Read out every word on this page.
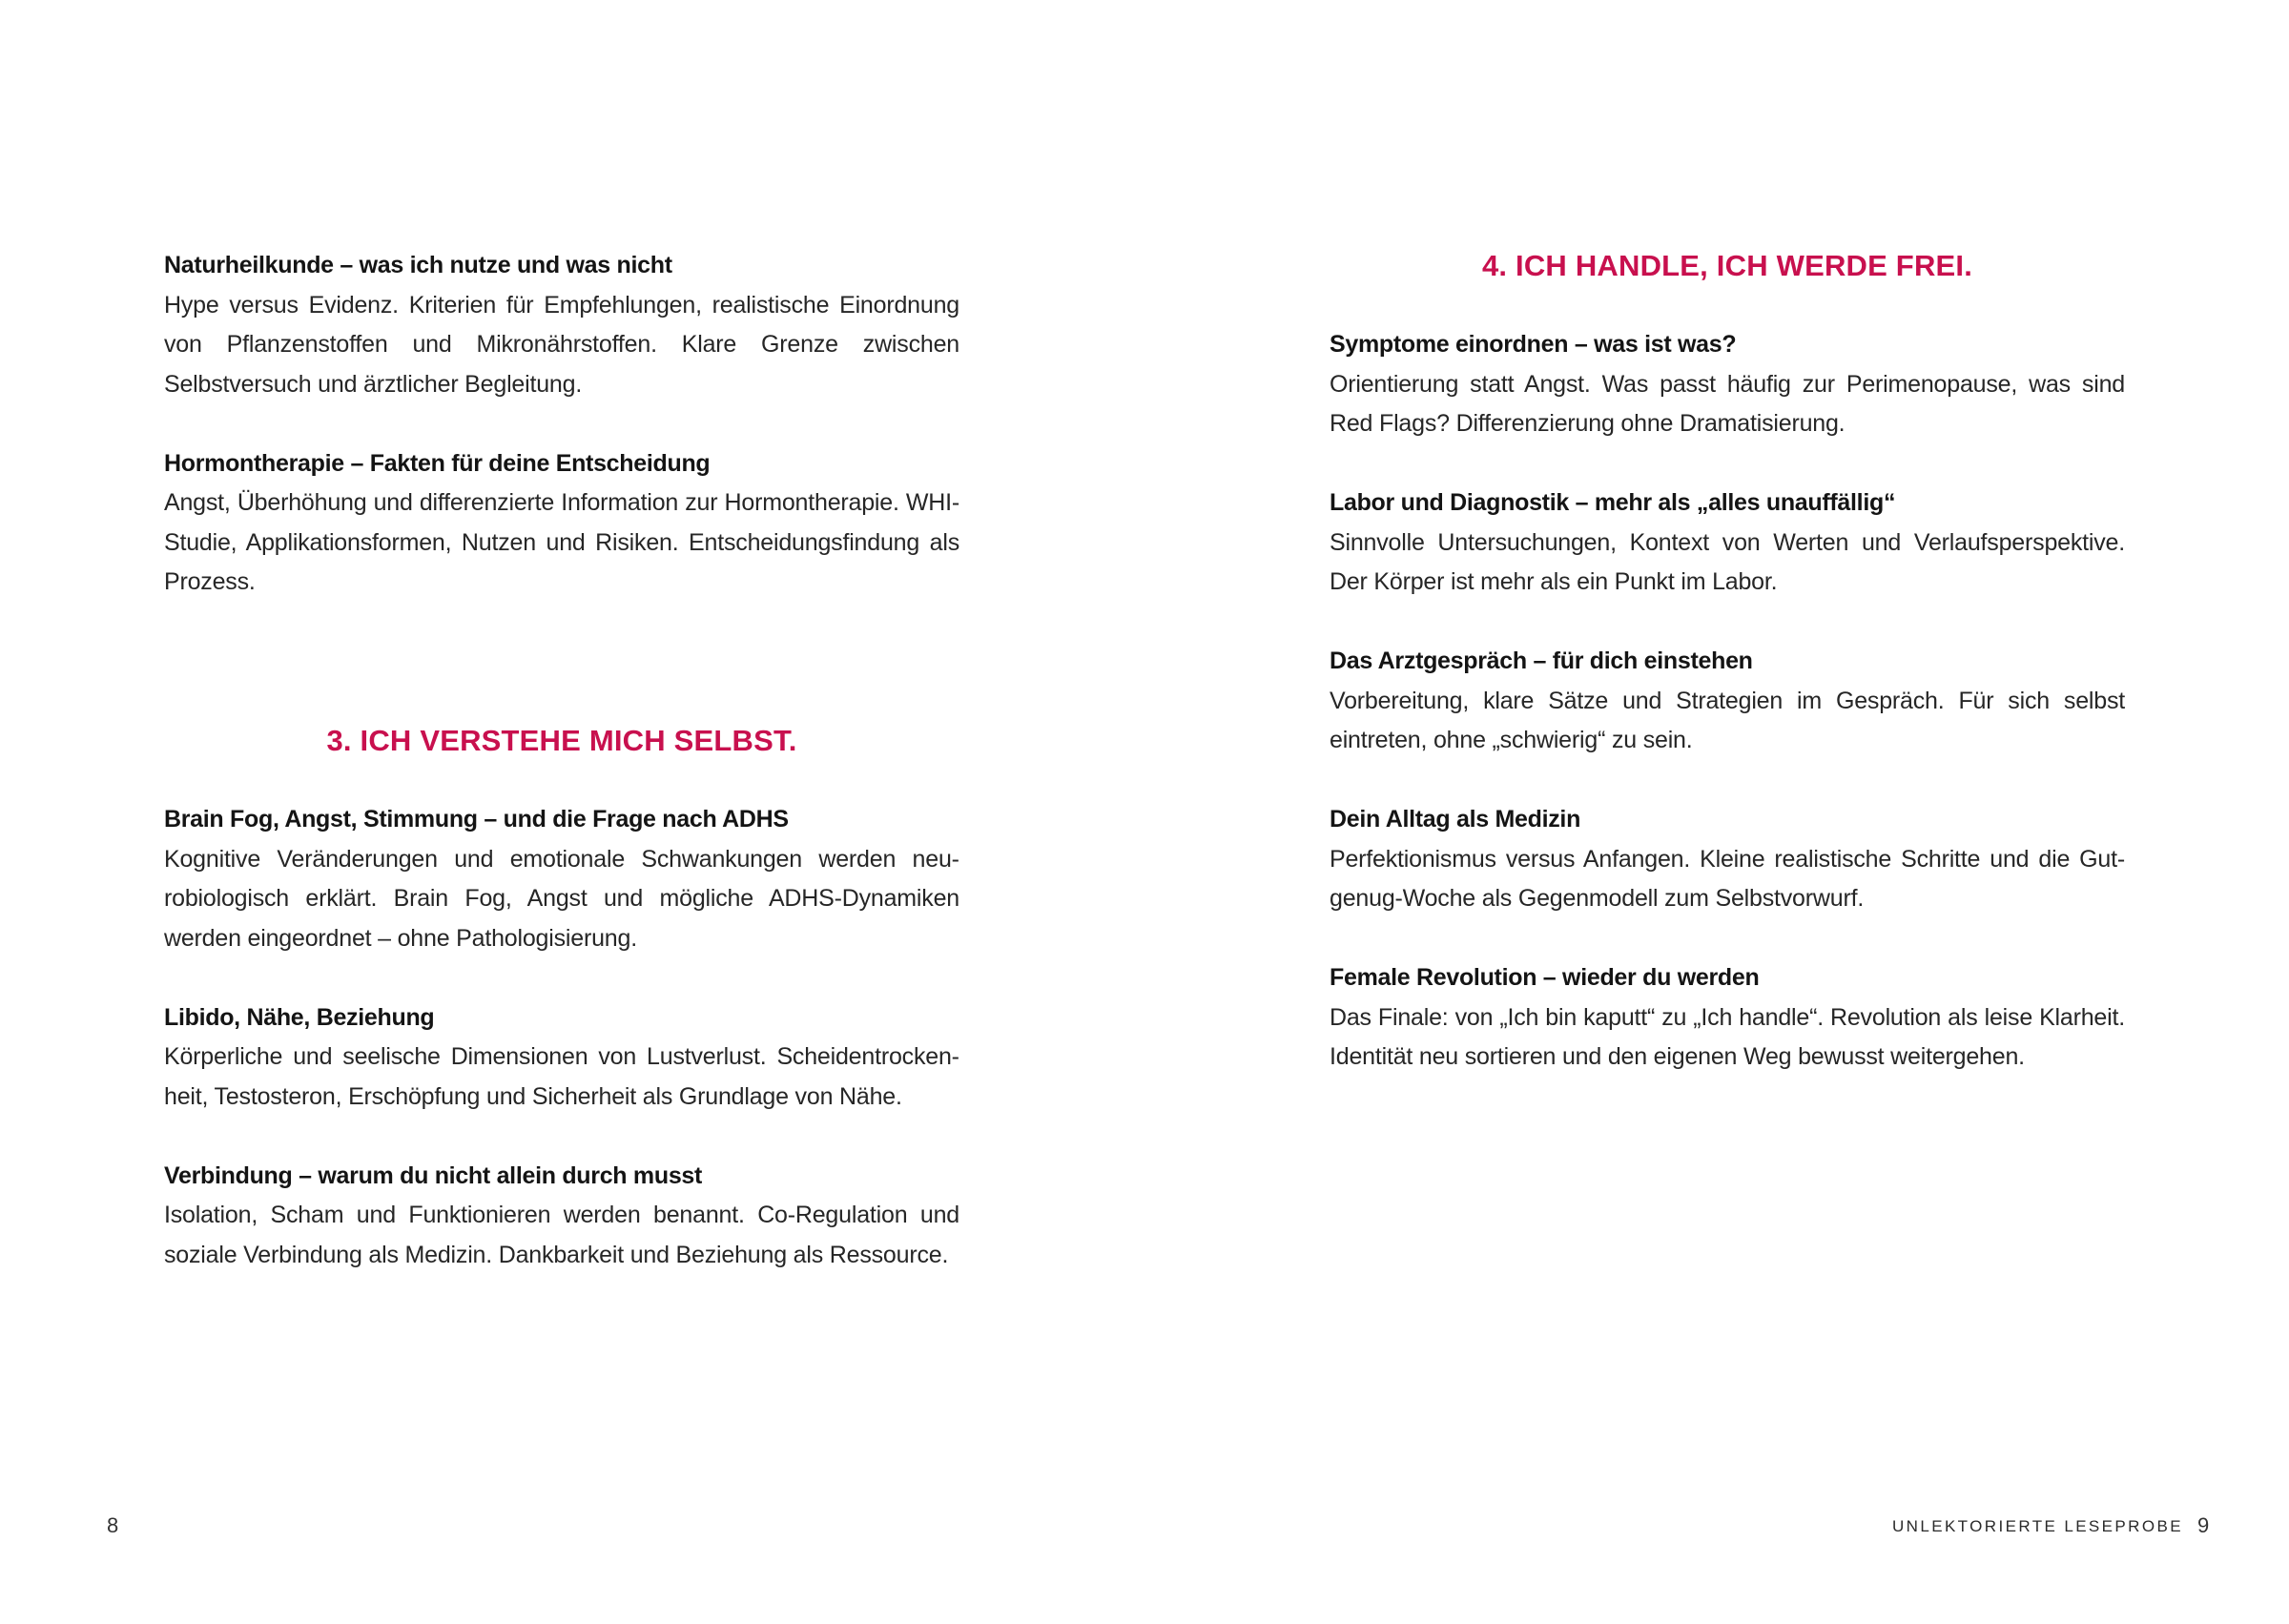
Naturheilkunde – was ich nutze und was nicht

Hype versus Evidenz. Kriterien für Empfehlungen, realistische Einordnung von Pflanzenstoffen und Mikronährstoffen. Klare Grenze zwischen Selbstversuch und ärztlicher Begleitung.

Hormontherapie – Fakten für deine Entscheidung

Angst, Überhöhung und differenzierte Information zur Hormontherapie. WHI-Studie, Applikationsformen, Nutzen und Risiken. Entscheidungsfindung als Prozess.

3. ICH VERSTEHE MICH SELBST.

Brain Fog, Angst, Stimmung – und die Frage nach ADHS

Kognitive Veränderungen und emotionale Schwankungen werden neurobiologisch erklärt. Brain Fog, Angst und mögliche ADHS-Dynamiken werden eingeordnet – ohne Pathologisierung.

Libido, Nähe, Beziehung

Körperliche und seelische Dimensionen von Lustverlust. Scheidentrockenheit, Testosteron, Erschöpfung und Sicherheit als Grundlage von Nähe.

Verbindung – warum du nicht allein durch musst

Isolation, Scham und Funktionieren werden benannt. Co-Regulation und soziale Verbindung als Medizin. Dankbarkeit und Beziehung als Ressource.

8

4. ICH HANDLE, ICH WERDE FREI.

Symptome einordnen – was ist was?

Orientierung statt Angst. Was passt häufig zur Perimenopause, was sind Red Flags? Differenzierung ohne Dramatisierung.

Labor und Diagnostik – mehr als „alles unauffällig“

Sinnvolle Untersuchungen, Kontext von Werten und Verlaufsperspektive. Der Körper ist mehr als ein Punkt im Labor.

Das Arztgespräch – für dich einstehen

Vorbereitung, klare Sätze und Strategien im Gespräch. Für sich selbst eintreten, ohne „schwierig“ zu sein.

Dein Alltag als Medizin

Perfektionismus versus Anfangen. Kleine realistische Schritte und die Gut-genug-Woche als Gegenmodell zum Selbstvorwurf.

Female Revolution – wieder du werden

Das Finale: von „Ich bin kaputt“ zu „Ich handle“. Revolution als leise Klarheit. Identität neu sortieren und den eigenen Weg bewusst weitergehen.

UNLEKTORIERTE LESEPROBE 9
